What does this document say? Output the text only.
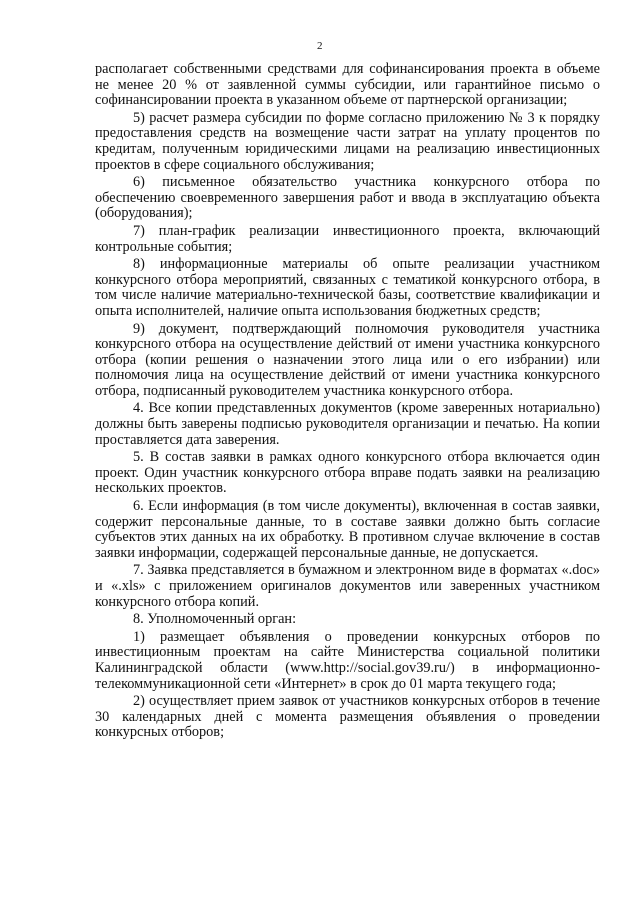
2

располагает собственными средствами для софинансирования проекта в объеме не менее 20 % от заявленной суммы субсидии, или гарантийное письмо о софинансировании проекта в указанном объеме от партнерской организации;

5) расчет размера субсидии по форме согласно приложению № 3 к порядку предоставления средств на возмещение части затрат на уплату процентов по кредитам, полученным юридическими лицами на реализацию инвестиционных проектов в сфере социального обслуживания;

6) письменное обязательство участника конкурсного отбора по обеспечению своевременного завершения работ и ввода в эксплуатацию объекта (оборудования);

7) план-график реализации инвестиционного проекта, включающий контрольные события;

8) информационные материалы об опыте реализации участником конкурсного отбора мероприятий, связанных с тематикой конкурсного отбора, в том числе наличие материально-технической базы, соответствие квалификации и опыта исполнителей, наличие опыта использования бюджетных средств;

9) документ, подтверждающий полномочия руководителя участника конкурсного отбора на осуществление действий от имени участника конкурсного отбора (копии решения о назначении этого лица или о его избрании) или полномочия лица на осуществление действий от имени участника конкурсного отбора, подписанный руководителем участника конкурсного отбора.

4. Все копии представленных документов (кроме заверенных нотариально) должны быть заверены подписью руководителя организации и печатью. На копии проставляется дата заверения.

5. В состав заявки в рамках одного конкурсного отбора включается один проект. Один участник конкурсного отбора вправе подать заявки на реализацию нескольких проектов.

6. Если информация (в том числе документы), включенная в состав заявки, содержит персональные данные, то в составе заявки должно быть согласие субъектов этих данных на их обработку. В противном случае включение в состав заявки информации, содержащей персональные данные, не допускается.

7. Заявка представляется в бумажном и электронном виде в форматах «.doc» и «.xls» с приложением оригиналов документов или заверенных участником конкурсного отбора копий.

8. Уполномоченный орган:

1) размещает объявления о проведении конкурсных отборов по инвестиционным проектам на сайте Министерства социальной политики Калининградской области (www.http://social.gov39.ru/) в информационно-телекоммуникационной сети «Интернет» в срок до 01 марта текущего года;

2) осуществляет прием заявок от участников конкурсных отборов в течение 30 календарных дней с момента размещения объявления о проведении конкурсных отборов;
